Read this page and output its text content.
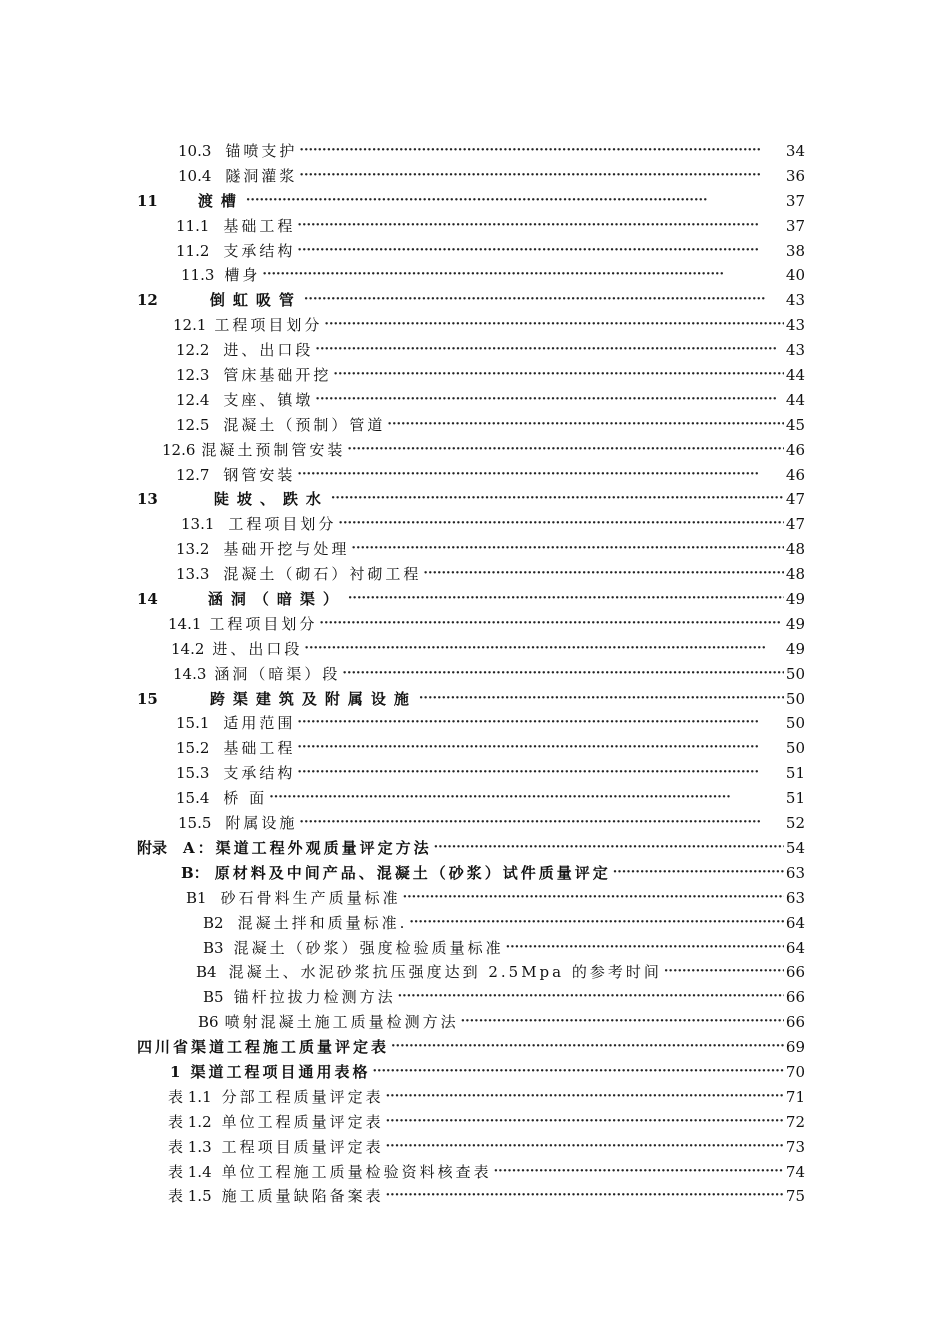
10.3 锚喷支护 ·····	34
10.4 隧洞灌浆 ·····	36
11	渡槽 ·····	37
11.1 基础工程 ·····	37
11.2 支承结构 ·····	38
11.3 槽身 ·····	40
12	倒虹吸管 ·····	43
12.1 工程项目划分 ·····	43
12.2 进、出口段 ·····	43
12.3 管床基础开挖 ·····	44
12.4 支座、镇墩 ·····	44
12.5 混凝土（预制）管道 ·····	45
12.6 混凝土预制管安装 ·····	46
12.7 钢管安装 ·····	46
13	陡坡、跌水 ·····	47
13.1 工程项目划分 ·····	47
13.2 基础开挖与处理 ·····	48
13.3 混凝土（砌石）衬砌工程 ·····	48
14	涵洞（暗渠） ·····	49
14.1 工程项目划分 ·····	49
14.2 进、出口段 ·····	49
14.3 涵洞（暗渠）段 ·····	50
15	跨渠建筑及附属设施 ·····	50
15.1 适用范围 ·····	50
15.2 基础工程 ·····	50
15.3 支承结构 ·····	51
15.4 桥 面 ·····	51
15.5 附属设施 ·····	52
附录 A：渠道工程外观质量评定方法 ·····	54
B： 原材料及中间产品、混凝土（砂浆）试件质量评定 ·····	63
B1 砂石骨料生产质量标准 ·····	63
B2 混凝土拌和质量标准. ·····	64
B3 混凝土（砂浆）强度检验质量标准 ·····	64
B4 混凝土、水泥砂浆抗压强度达到 2.5Mpa 的参考时间 ·····	66
B5 锚杆拉拔力检测方法 ·····	66
B6 喷射混凝土施工质量检测方法 ·····	66
四川省渠道工程施工质量评定表 ·····	69
1 渠道工程项目通用表格 ·····	70
表 1.1 分部工程质量评定表 ·····	71
表 1.2 单位工程质量评定表 ·····	72
表 1.3 工程项目质量评定表 ·····	73
表 1.4 单位工程施工质量检验资料核查表 ·····	74
表 1.5 施工质量缺陷备案表 ·····	75
